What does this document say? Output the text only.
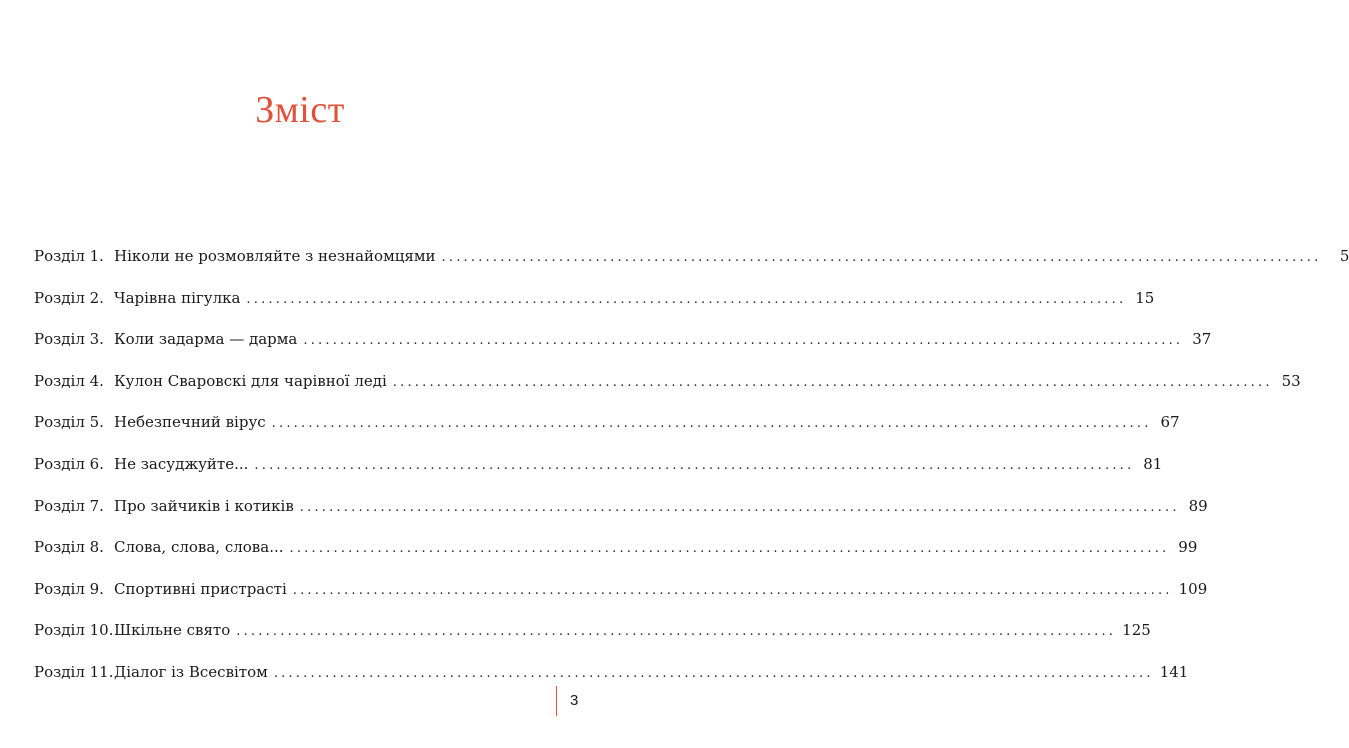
Зміст
Розділ 1. Ніколи не розмовляйте з незнайомцями ........................................................................................................................	5
Розділ 2. Чарівна пігулка ........................................................................................................................ 15
Розділ 3. Коли задарма — дарма ........................................................................................................................ 37
Розділ 4. Кулон Сваровскі для чарівної леді ........................................................................................................................ 53
Розділ 5. Небезпечний вірус ........................................................................................................................ 67
Розділ 6. Не засуджуйте... ........................................................................................................................ 81
Розділ 7. Про зайчиків і котиків ........................................................................................................................ 89
Розділ 8. Слова, слова, слова... ........................................................................................................................ 99
Розділ 9. Спортивні пристрасті ........................................................................................................................ 109
Розділ 10. Шкільне свято ........................................................................................................................ 125
Розділ 11. Діалог із Всесвітом ........................................................................................................................ 141
3
